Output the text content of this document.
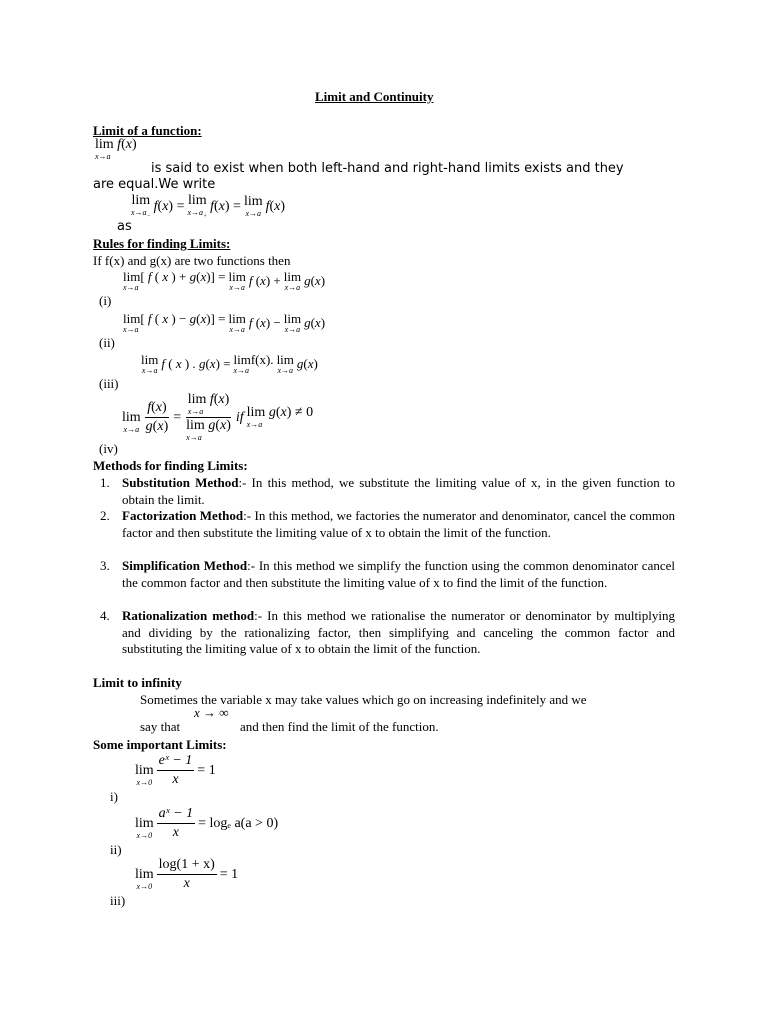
Limit and Continuity
Limit of a function:
lim f(x)
x→a
is said to exist when both left-hand and right-hand limits exists and they
are equal.We write
lim
$x\to a_-$
f(x) = lim
$x\to a_+$
f(x) = lim
x→a f(x)
as
Rules for finding Limits:
If f(x) and g(x) are two functions then
lim[ f ( x ) + g(x)] =
x→a
lim
x→a f (x) + lim
x→a g(x)
(i)
lim[ f ( x ) − g(x)] =
x→a
lim
x→a f (x) − lim
x→a g(x)
(ii)
lim
x→a f ( x ) . g(x) = limf(x).
x→a
lim
x→a g(x)
(iii)
lim
$x\to a \frac{f(x)}{g(x)} = \lim f(x)$
x→a
lim g(x)
x→a if lim g(x) ≠ 0
x→a
(iv)
Methods for finding Limits:
1. Substitution Method:- In this method, we substitute the limiting value of x, in the given function to obtain the limit.
2. Factorization Method:- In this method, we factories the numerator and denominator, cancel the common factor and then substitute the limiting value of x to obtain the limit of the function.
3. Simplification Method:- In this method we simplify the function using the common denominator cancel the common factor and then substitute the limiting value of x to find the limit of the function.
4. Rationalization method:- In this method we rationalise the numerator or denominator by multiplying and dividing by the rationalizing factor, then simplifying and canceling the common factor and substituting the limiting value of x to obtain the limit of the function.
Limit to infinity
Sometimes the variable x may take values which go on increasing indefinitely and we
x → ∞
say that	and then find the limit of the function.
Some important Limits:
lim
$x\to 0 \frac{\text{eˣ − 1}}{x} = 1$
i)
lim
$x\to 0 \frac{\text{aˣ − 1}}{x} = \log_e$ a(a > 0)
ii)
lim
$x\to 0 \frac{\log(1 + x)}{x} = 1$
iii)
